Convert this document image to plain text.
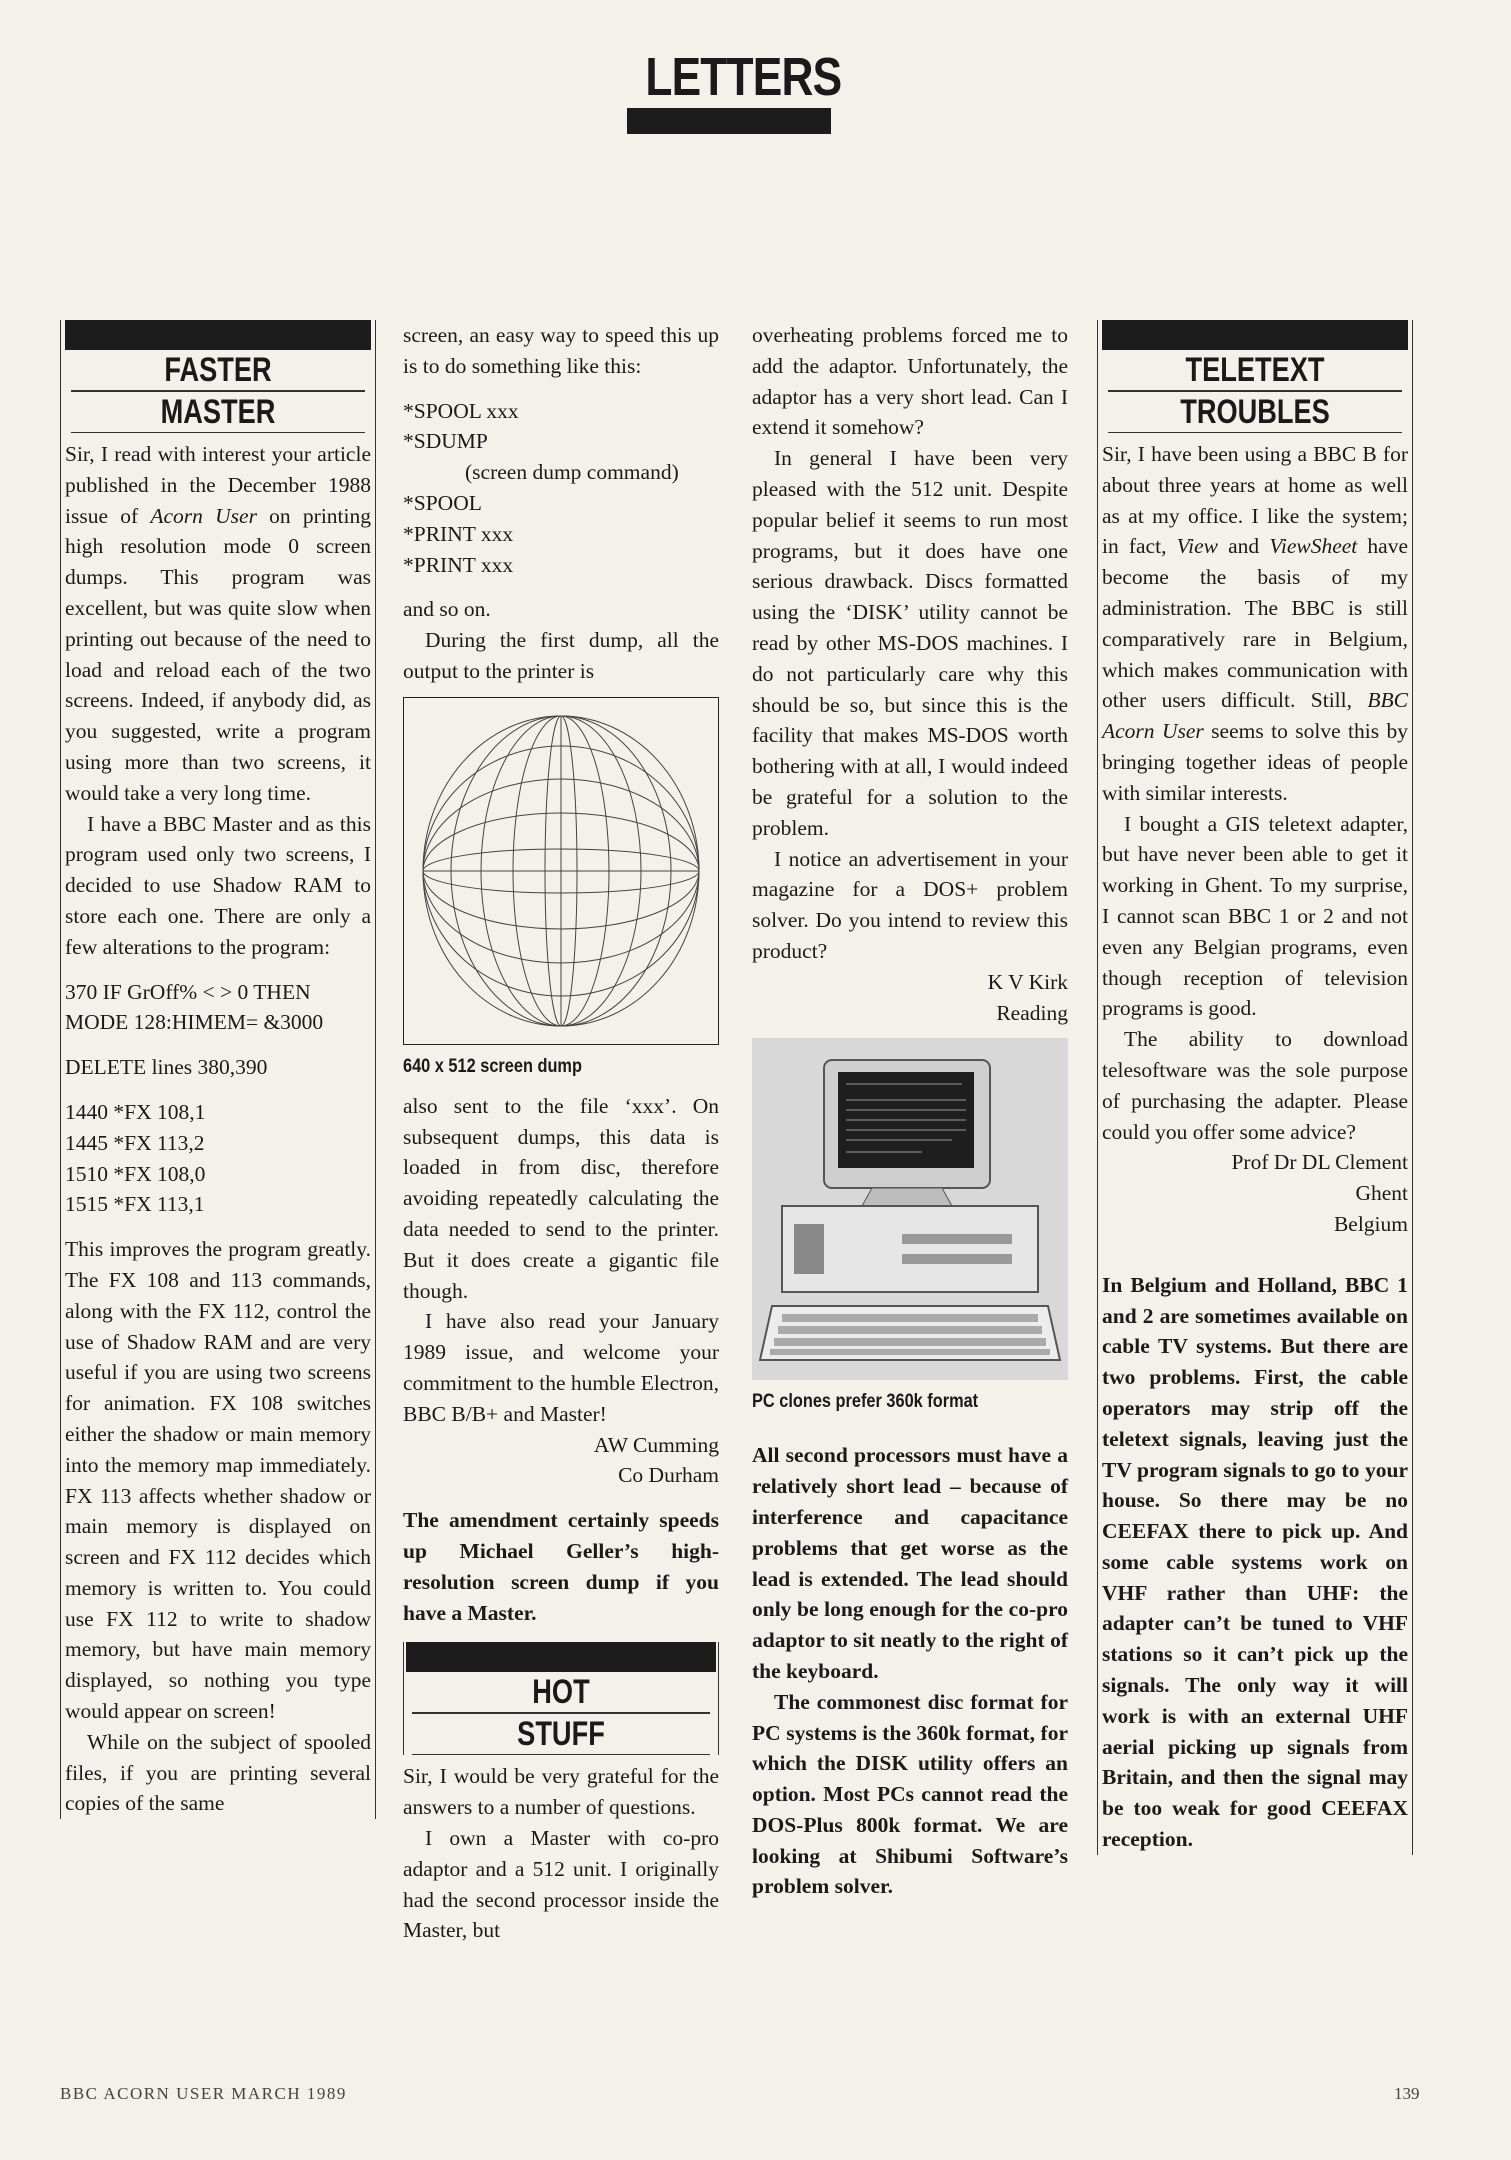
LETTERS
FASTER
MASTER

Sir, I read with interest your article published in the December 1988 issue of Acorn User on printing high resolution mode 0 screen dumps. This program was excellent, but was quite slow when printing out because of the need to load and reload each of the two screens. Indeed, if anybody did, as you suggested, write a program using more than two screens, it would take a very long time.

I have a BBC Master and as this program used only two screens, I decided to use Shadow RAM to store each one. There are only a few alterations to the program:

370 IF GrOff% < > 0 THEN MODE 128:HIMEM= &3000
DELETE lines 380,390
1440 *FX 108,1
1445 *FX 113,2
1510 *FX 108,0
1515 *FX 113,1

This improves the program greatly. The FX 108 and 113 commands, along with the FX 112, control the use of Shadow RAM and are very useful if you are using two screens for animation. FX 108 switches either the shadow or main memory into the memory map immediately. FX 113 affects whether shadow or main memory is displayed on screen and FX 112 decides which memory is written to. You could use FX 112 to write to shadow memory, but have main memory displayed, so nothing you type would appear on screen!

While on the subject of spooled files, if you are printing several copies of the same

screen, an easy way to speed this up is to do something like this:

*SPOOL xxx
*SDUMP
(screen dump command)
*SPOOL
*PRINT xxx
*PRINT xxx

and so on.

During the first dump, all the output to the printer is

640 x 512 screen dump

also sent to the file ‘xxx’. On subsequent dumps, this data is loaded in from disc, therefore avoiding repeatedly calculating the data needed to send to the printer. But it does create a gigantic file though.

I have also read your January 1989 issue, and welcome your commitment to the humble Electron, BBC B/B+ and Master!

AW Cumming

Co Durham

The amendment certainly speeds up Michael Geller’s high-resolution screen dump if you have a Master.

HOT
STUFF

Sir, I would be very grateful for the answers to a number of questions.

I own a Master with co-pro adaptor and a 512 unit. I originally had the second processor inside the Master, but

overheating problems forced me to add the adaptor. Unfortunately, the adaptor has a very short lead. Can I extend it somehow?

In general I have been very pleased with the 512 unit. Despite popular belief it seems to run most programs, but it does have one serious drawback. Discs formatted using the ‘DISK’ utility cannot be read by other MS-DOS machines. I do not particularly care why this should be so, but since this is the facility that makes MS-DOS worth bothering with at all, I would indeed be grateful for a solution to the problem.

I notice an advertisement in your magazine for a DOS+ problem solver. Do you intend to review this product?

K V Kirk

Reading

PC clones prefer 360k format

All second processors must have a relatively short lead – because of interference and capacitance problems that get worse as the lead is extended. The lead should only be long enough for the co-pro adaptor to sit neatly to the right of the keyboard.

The commonest disc format for PC systems is the 360k format, for which the DISK utility offers an option. Most PCs cannot read the DOS-Plus 800k format. We are looking at Shibumi Software’s problem solver.

TELETEXT
TROUBLES

Sir, I have been using a BBC B for about three years at home as well as at my office. I like the system; in fact, View and ViewSheet have become the basis of my administration. The BBC is still comparatively rare in Belgium, which makes communication with other users difficult. Still, BBC Acorn User seems to solve this by bringing together ideas of people with similar interests.

I bought a GIS teletext adapter, but have never been able to get it working in Ghent. To my surprise, I cannot scan BBC 1 or 2 and not even any Belgian programs, even though reception of television programs is good.

The ability to download telesoftware was the sole purpose of purchasing the adapter. Please could you offer some advice?

Prof Dr DL Clement

Ghent

Belgium

In Belgium and Holland, BBC 1 and 2 are sometimes available on cable TV systems. But there are two problems. First, the cable operators may strip off the teletext signals, leaving just the TV program signals to go to your house. So there may be no CEEFAX there to pick up. And some cable systems work on VHF rather than UHF: the adapter can’t be tuned to VHF stations so it can’t pick up the signals. The only way it will work is with an external UHF aerial picking up signals from Britain, and then the signal may be too weak for good CEEFAX reception.

BBC ACORN USER MARCH 1989	139
